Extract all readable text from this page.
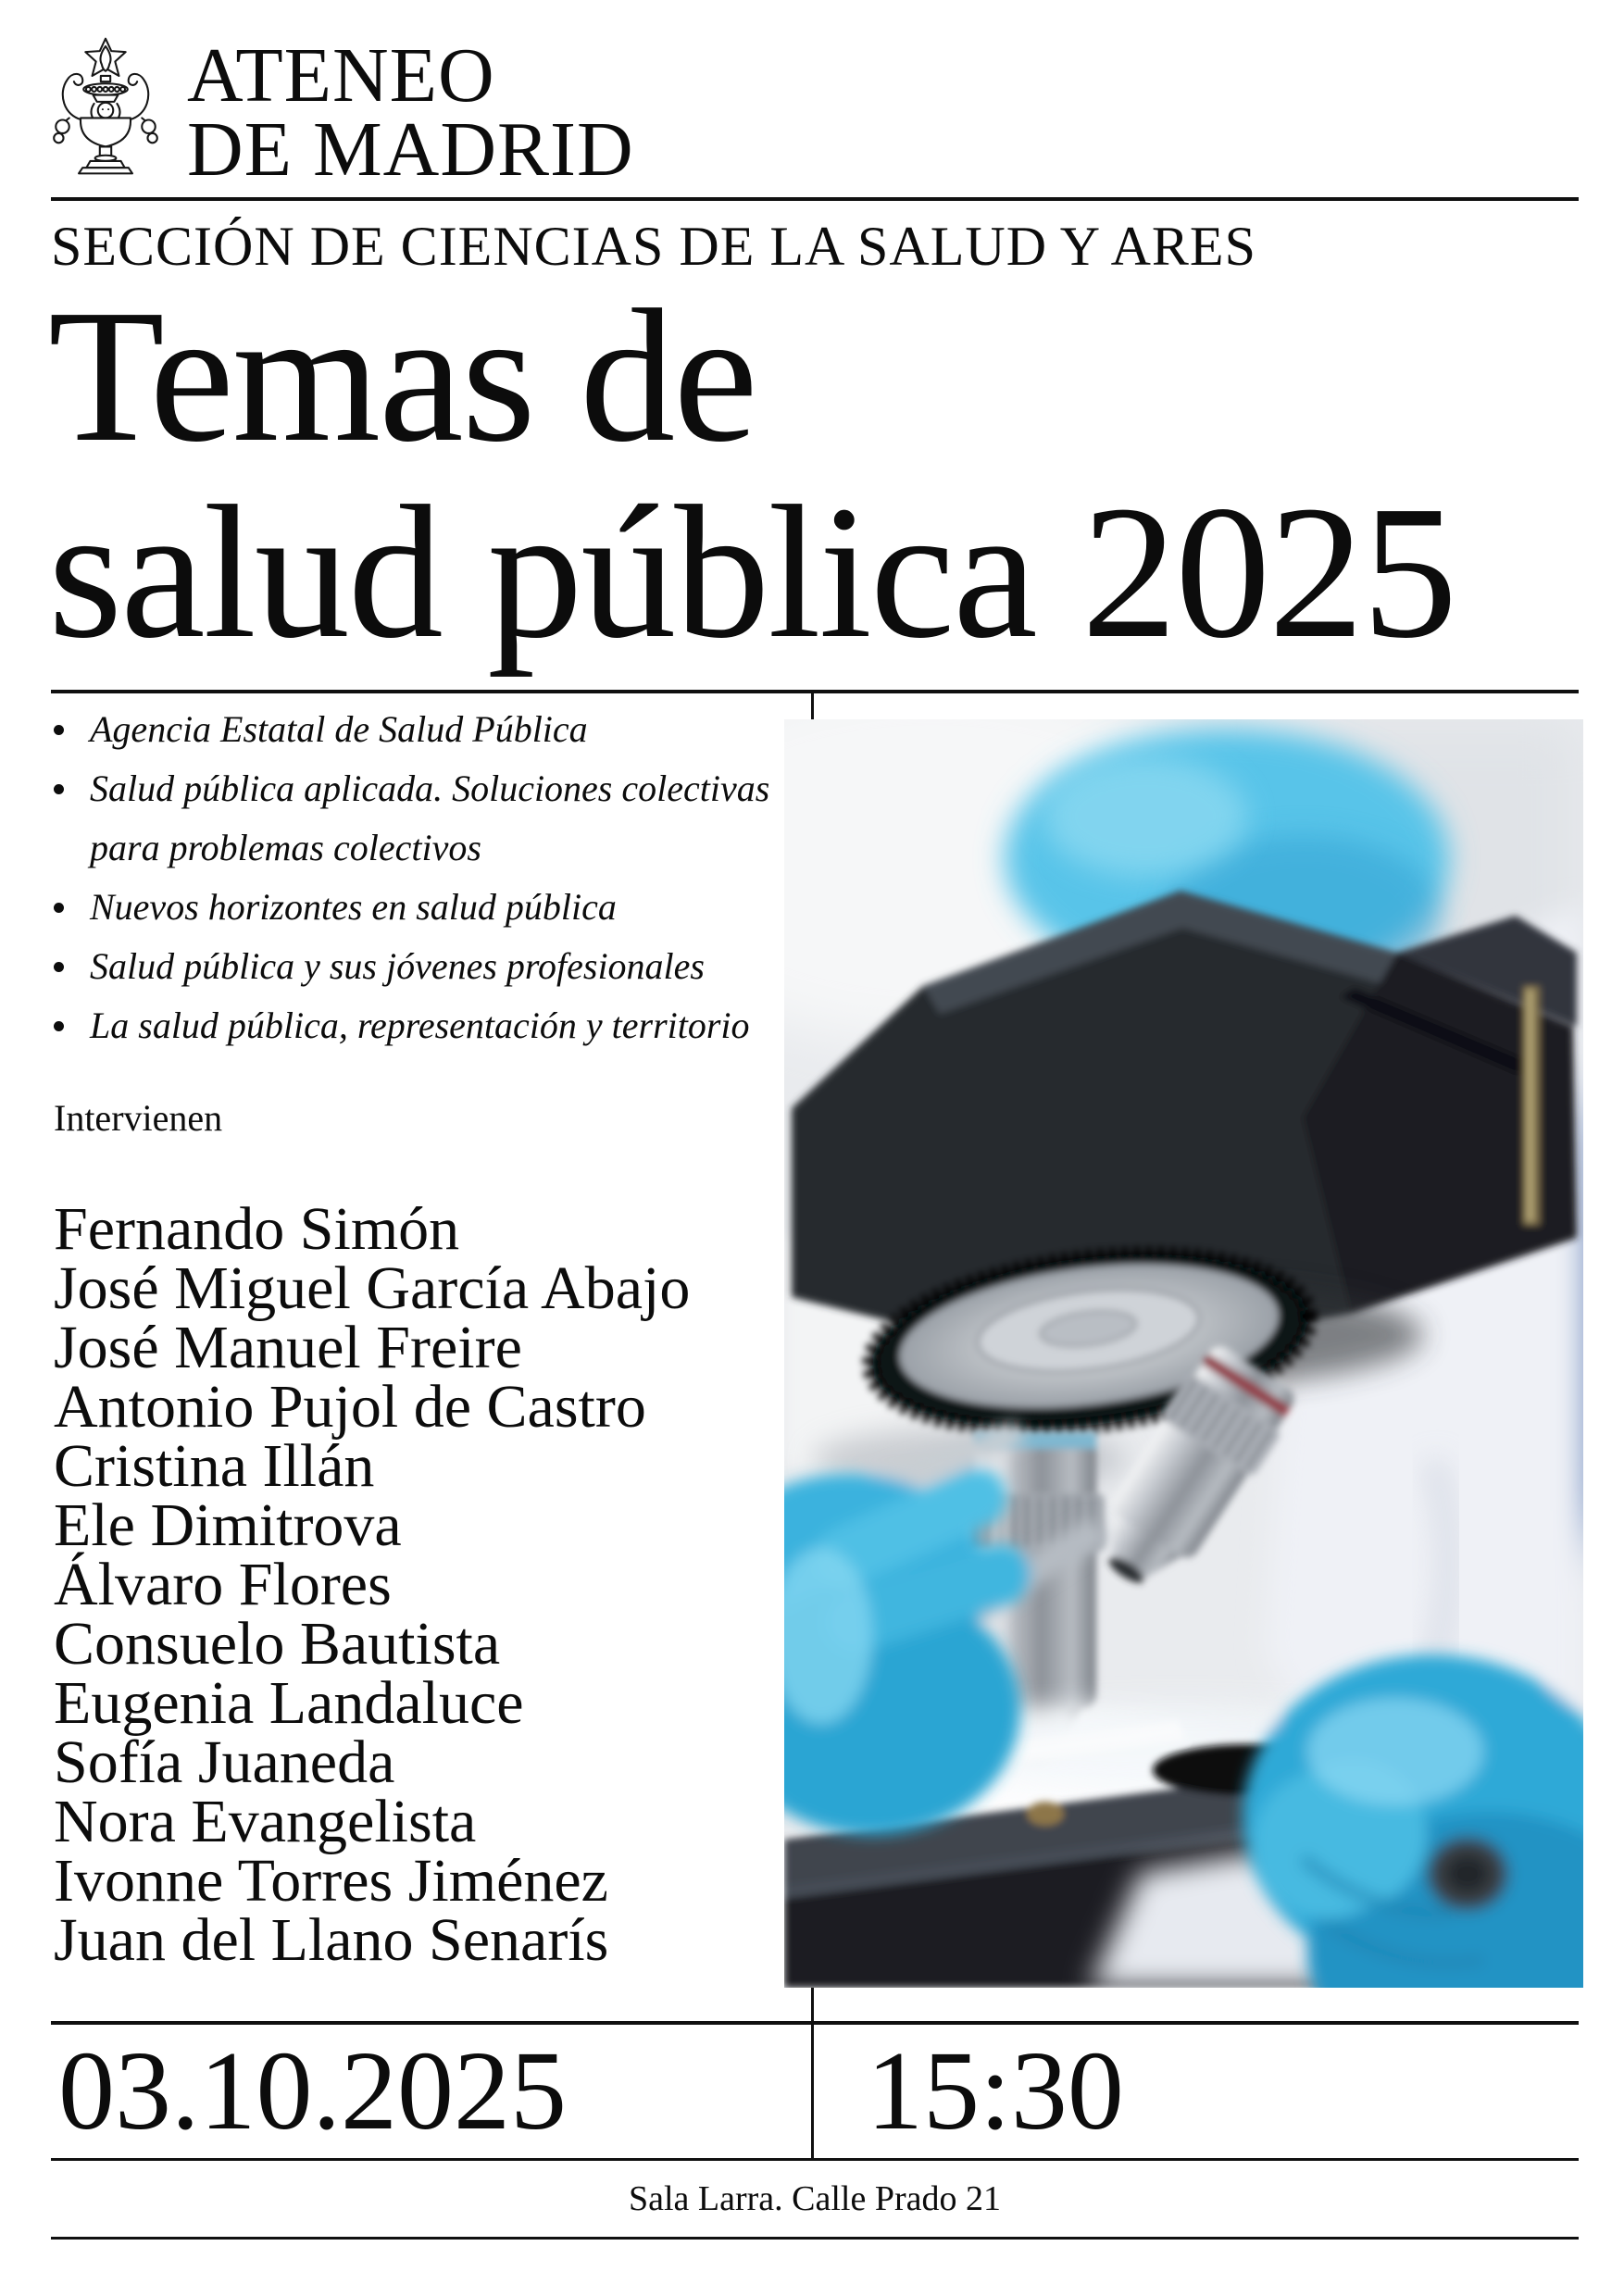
ATENEO
DE MADRID
SECCIÓN DE CIENCIAS DE LA SALUD Y ARES
Temas de
salud pública 2025
Agencia Estatal de Salud Pública
Salud pública aplicada. Soluciones colectivas para problemas colectivos
Nuevos horizontes en salud pública
Salud pública y sus jóvenes profesionales
La salud pública, representación y territorio
Intervienen
Fernando Simón
José Miguel García Abajo
José Manuel Freire
Antonio Pujol de Castro
Cristina Illán
Ele Dimitrova
Álvaro Flores
Consuelo Bautista
Eugenia Landaluce
Sofía Juaneda
Nora Evangelista
Ivonne Torres Jiménez
Juan del Llano Senarís
03.10.2025	15:30
Sala Larra. Calle Prado 21
